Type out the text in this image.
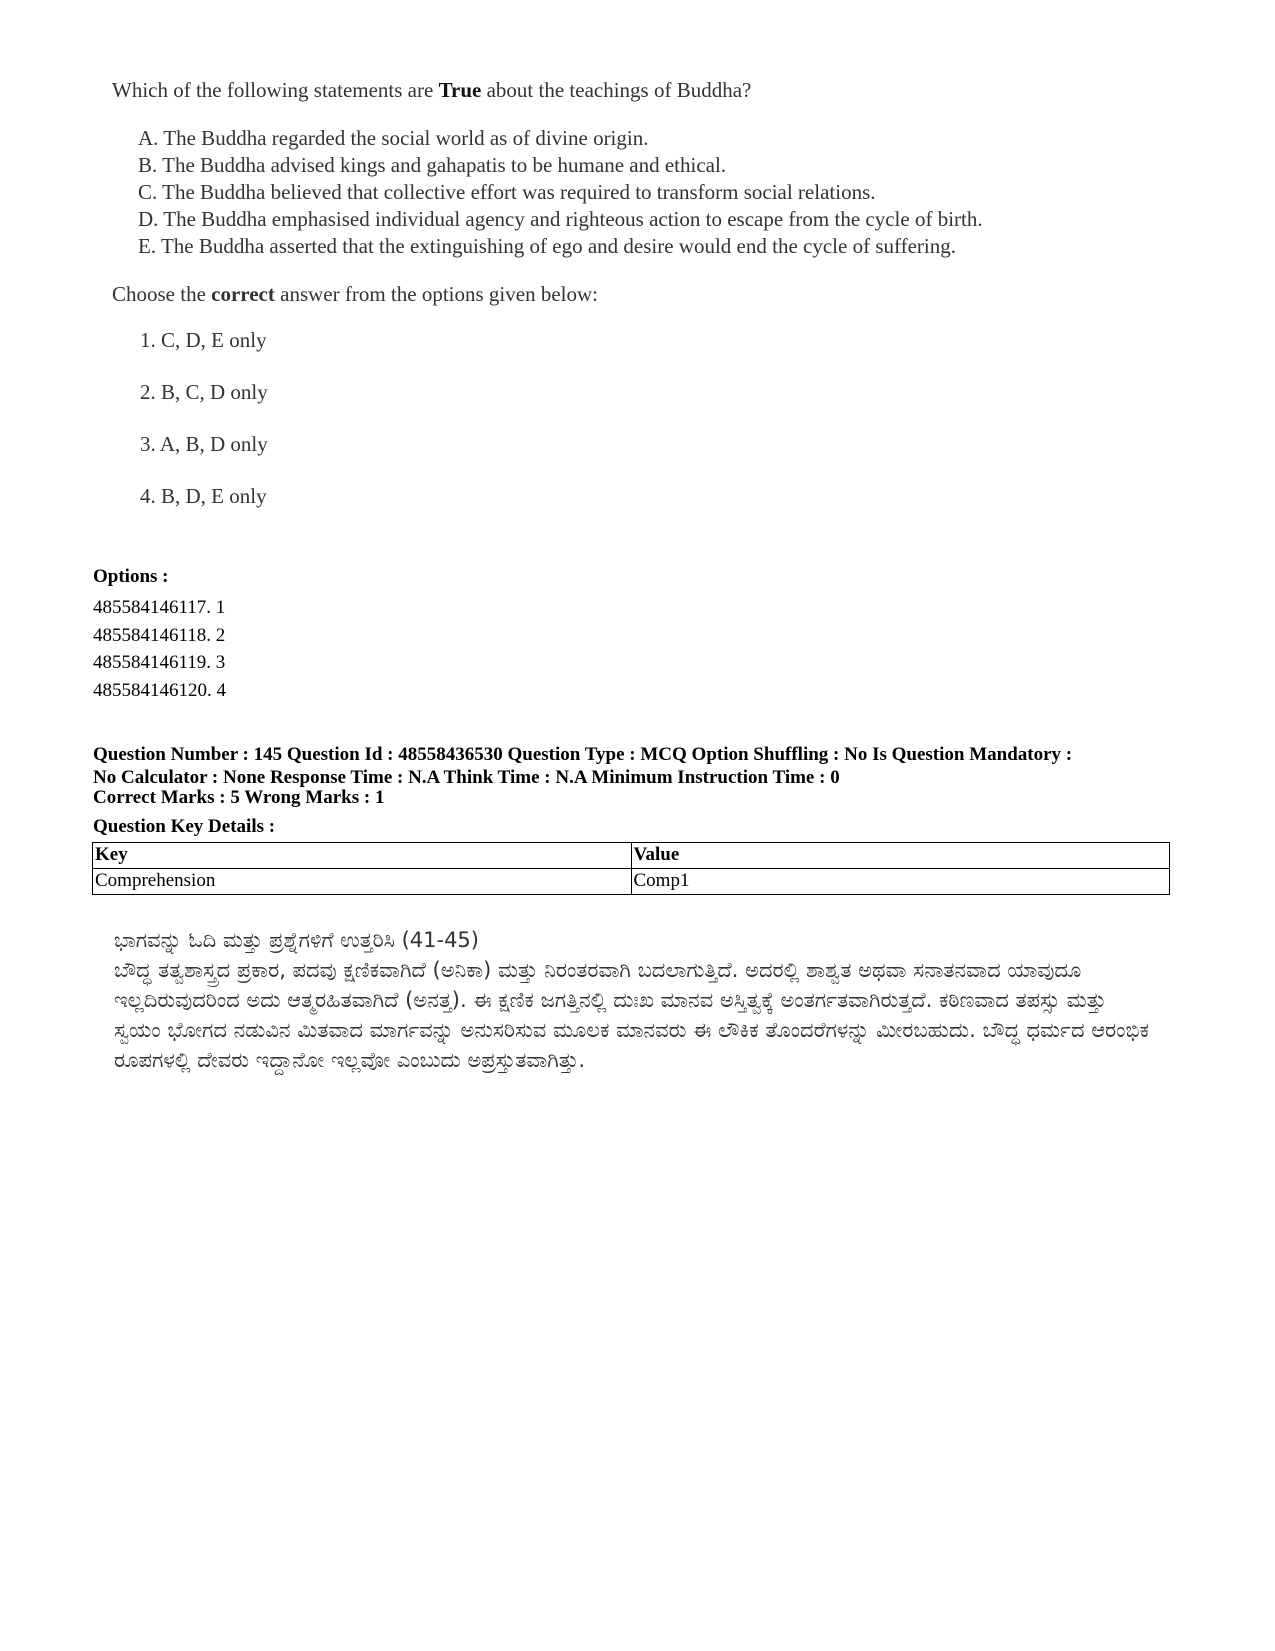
Which of the following statements are True about the teachings of Buddha?

A. The Buddha regarded the social world as of divine origin.
B. The Buddha advised kings and gahapatis to be humane and ethical.
C. The Buddha believed that collective effort was required to transform social relations.
D. The Buddha emphasised individual agency and righteous action to escape from the cycle of birth.
E. The Buddha asserted that the extinguishing of ego and desire would end the cycle of suffering.

Choose the correct answer from the options given below:

1. C, D, E only
2. B, C, D only
3. A, B, D only
4. B, D, E only
Options :
485584146117. 1
485584146118. 2
485584146119. 3
485584146120. 4
Question Number : 145 Question Id : 48558436530 Question Type : MCQ Option Shuffling : No Is Question Mandatory :
No Calculator : None Response Time : N.A Think Time : N.A Minimum Instruction Time : 0
Correct Marks : 5 Wrong Marks : 1
Question Key Details :
Key	Value
Comprehension	Comp1

ಭಾಗವನ್ನು ಓದಿ ಮತ್ತು ಪ್ರಶ್ನೆಗಳಿಗೆ ಉತ್ತರಿಸಿ (41-45)

ಬೌದ್ಧ ತತ್ವಶಾಸ್ತ್ರದ ಪ್ರಕಾರ, ಪದವು ಕ್ಷಣಿಕವಾಗಿದೆ (ಅನಿಕಾ) ಮತ್ತು ನಿರಂತರವಾಗಿ ಬದಲಾಗುತ್ತಿದೆ. ಅದರಲ್ಲಿ ಶಾಶ್ವತ ಅಥವಾ ಸನಾತನವಾದ ಯಾವುದೂ ಇಲ್ಲದಿರುವುದರಿಂದ ಅದು ಆತ್ಮರಹಿತವಾಗಿದೆ (ಅನತ್ತ). ಈ ಕ್ಷಣಿಕ ಜಗತ್ತಿನಲ್ಲಿ ದುಃಖ ಮಾನವ ಅಸ್ತಿತ್ವಕ್ಕೆ ಅಂತರ್ಗತವಾಗಿರುತ್ತದೆ. ಕಠಿಣವಾದ ತಪಸ್ಸು ಮತ್ತು ಸ್ವಯಂ ಭೋಗದ ನಡುವಿನ ಮಿತವಾದ ಮಾರ್ಗವನ್ನು ಅನುಸರಿಸುವ ಮೂಲಕ ಮಾನವರು ಈ ಲೌಕಿಕ ತೊಂದರೆಗಳನ್ನು ಮೀರಬಹುದು. ಬೌದ್ಧ ಧರ್ಮದ ಆರಂಭಿಕ ರೂಪಗಳಲ್ಲಿ ದೇವರು ಇದ್ದಾನೋ ಇಲ್ಲವೋ ಎಂಬುದು ಅಪ್ರಸ್ತುತವಾಗಿತ್ತು.
